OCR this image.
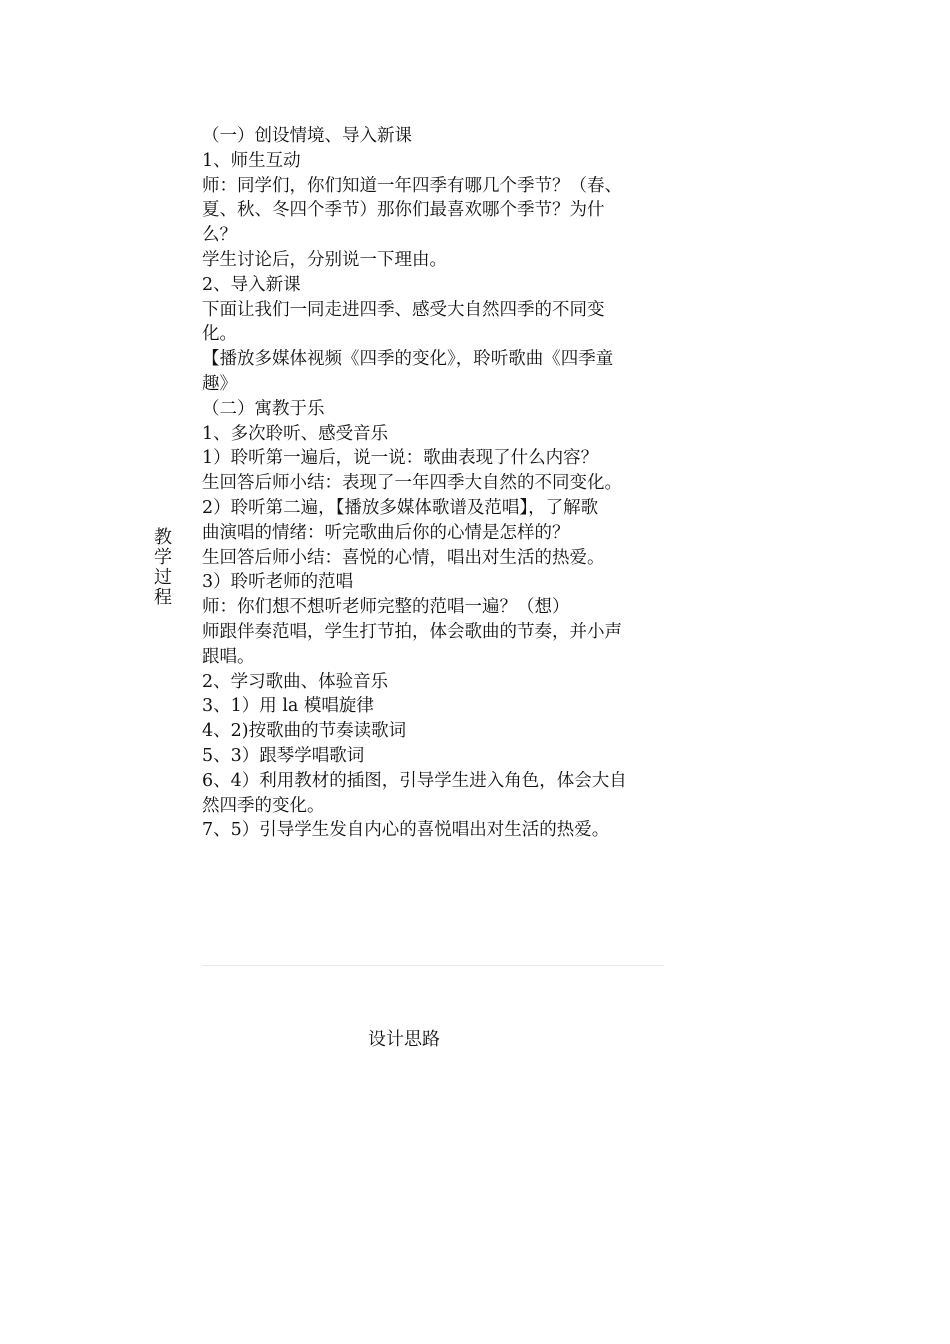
教学过程
（一）创设情境、导入新课
1、师生互动
师：同学们，你们知道一年四季有哪几个季节？（春、
夏、秋、冬四个季节）那你们最喜欢哪个季节？为什
么？
学生讨论后，分别说一下理由。
2、导入新课
下面让我们一同走进四季、感受大自然四季的不同变
化。
【播放多媒体视频《四季的变化》，聆听歌曲《四季童
趣》
（二）寓教于乐
1、多次聆听、感受音乐
1）聆听第一遍后，说一说：歌曲表现了什么内容？
生回答后师小结：表现了一年四季大自然的不同变化。
2）聆听第二遍，【播放多媒体歌谱及范唱】，了解歌
曲演唱的情绪：听完歌曲后你的心情是怎样的？
生回答后师小结：喜悦的心情，唱出对生活的热爱。
3）聆听老师的范唱
师：你们想不想听老师完整的范唱一遍？（想）
师跟伴奏范唱，学生打节拍，体会歌曲的节奏，并小声
跟唱。
2、学习歌曲、体验音乐
3、1）用 la 模唱旋律
4、2)按歌曲的节奏读歌词
5、3）跟琴学唱歌词
6、4）利用教材的插图，引导学生进入角色，体会大自
然四季的变化。
7、5）引导学生发自内心的喜悦唱出对生活的热爱。
设计思路
